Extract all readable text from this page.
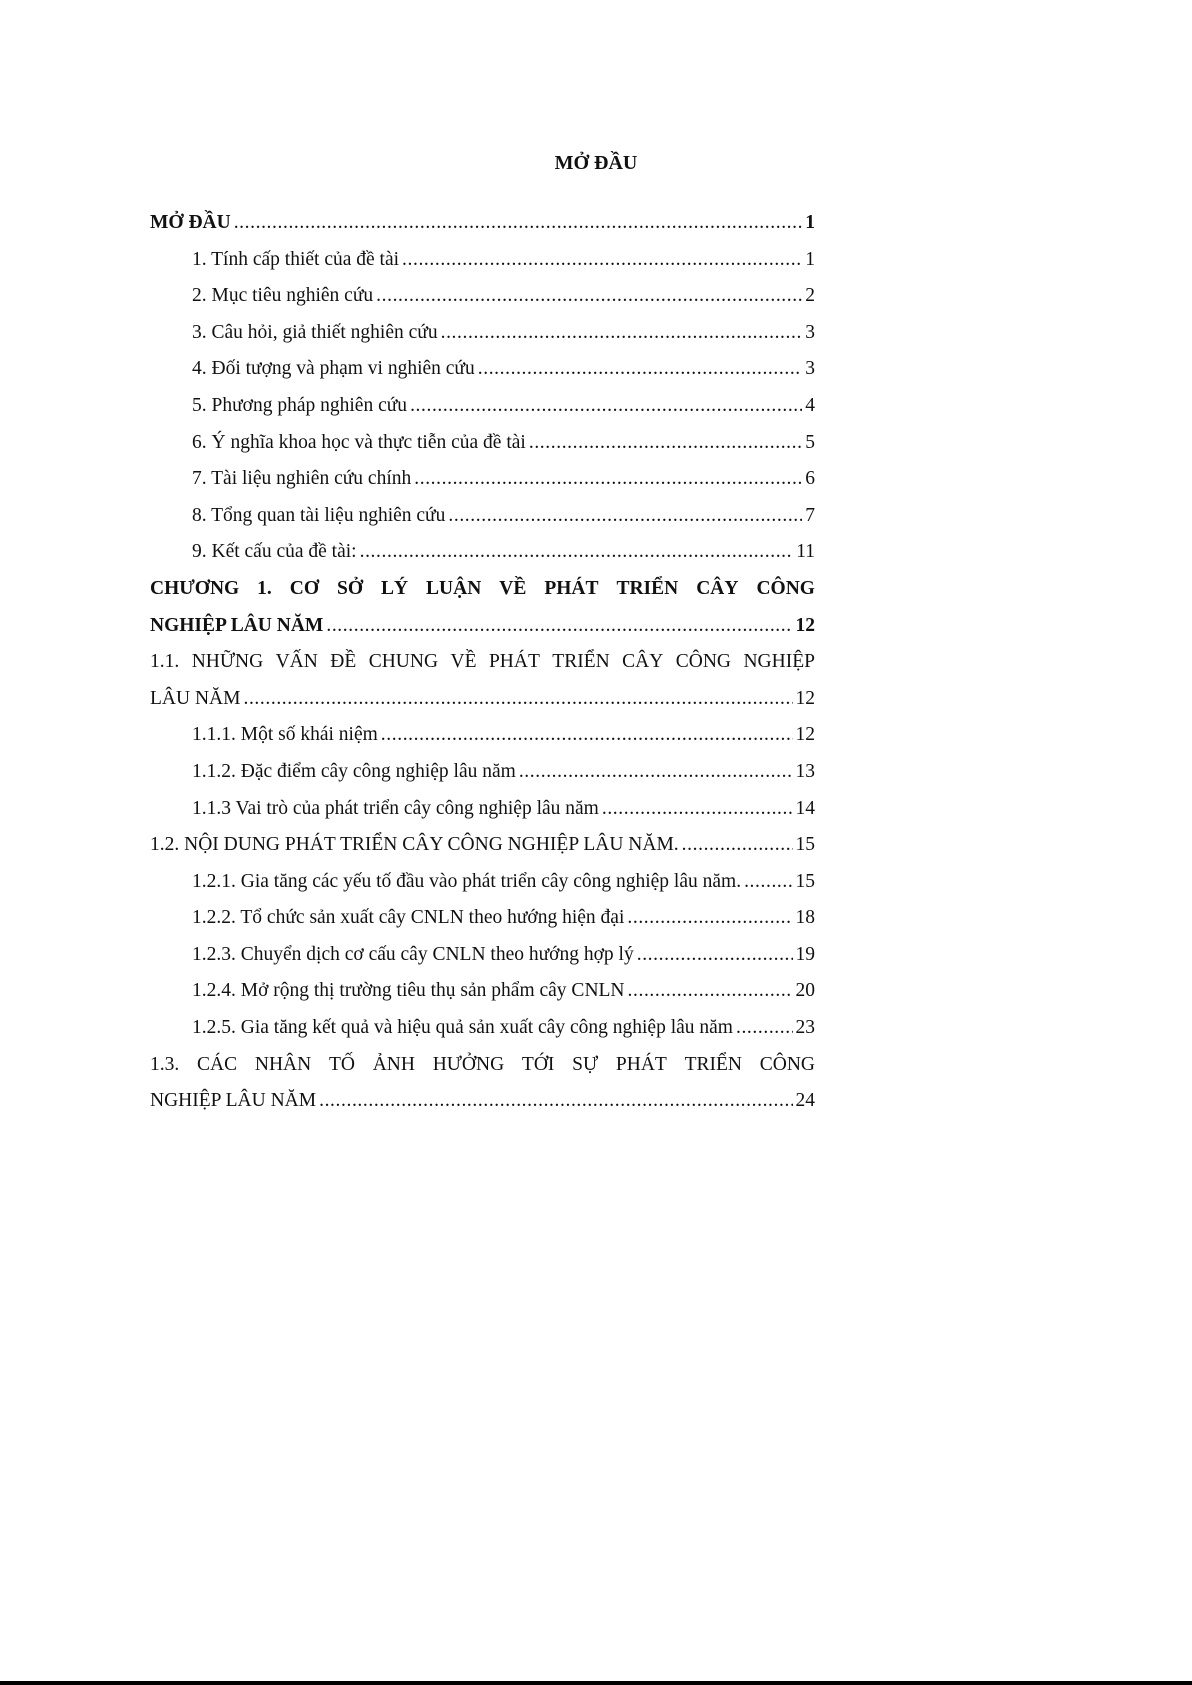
MỞ ĐẦU
MỞ ĐẦU .....	1
1. Tính cấp thiết của đề tài .....	1
2. Mục tiêu nghiên cứu .....	2
3. Câu hỏi, giả thiết nghiên cứu .....	3
4. Đối tượng và phạm vi nghiên cứu .....	3
5. Phương pháp nghiên cứu .....	4
6. Ý nghĩa khoa học và thực tiễn của đề tài .....	5
7. Tài liệu nghiên cứu chính .....	6
8. Tổng quan tài liệu nghiên cứu .....	7
9. Kết cấu của đề tài: .....	11
CHƯƠNG 1. CƠ SỞ LÝ LUẬN VỀ PHÁT TRIỂN CÂY CÔNG
NGHIỆP LÂU NĂM .....	12
1.1. NHỮNG VẤN ĐỀ CHUNG VỀ PHÁT TRIỂN CÂY CÔNG NGHIỆP
LÂU NĂM .....	12
1.1.1. Một số khái niệm .....	12
1.1.2. Đặc điểm cây công nghiệp lâu năm .....	13
1.1.3 Vai trò của phát triển cây công nghiệp lâu năm .....	14
1.2. NỘI DUNG PHÁT TRIỂN CÂY CÔNG NGHIỆP LÂU NĂM. .....	15
1.2.1. Gia tăng các yếu tố đầu vào phát triển cây công nghiệp lâu năm. .....	15
1.2.2. Tổ chức sản xuất cây CNLN theo hướng hiện đại .....	18
1.2.3. Chuyển dịch cơ cấu cây CNLN theo hướng hợp lý .....	19
1.2.4. Mở rộng thị trường tiêu thụ sản phẩm cây CNLN .....	20
1.2.5. Gia tăng kết quả và hiệu quả sản xuất cây công nghiệp lâu năm .....	23
1.3. CÁC NHÂN TỐ ẢNH HƯỞNG TỚI SỰ PHÁT TRIỂN CÔNG
NGHIỆP LÂU NĂM .....	24
